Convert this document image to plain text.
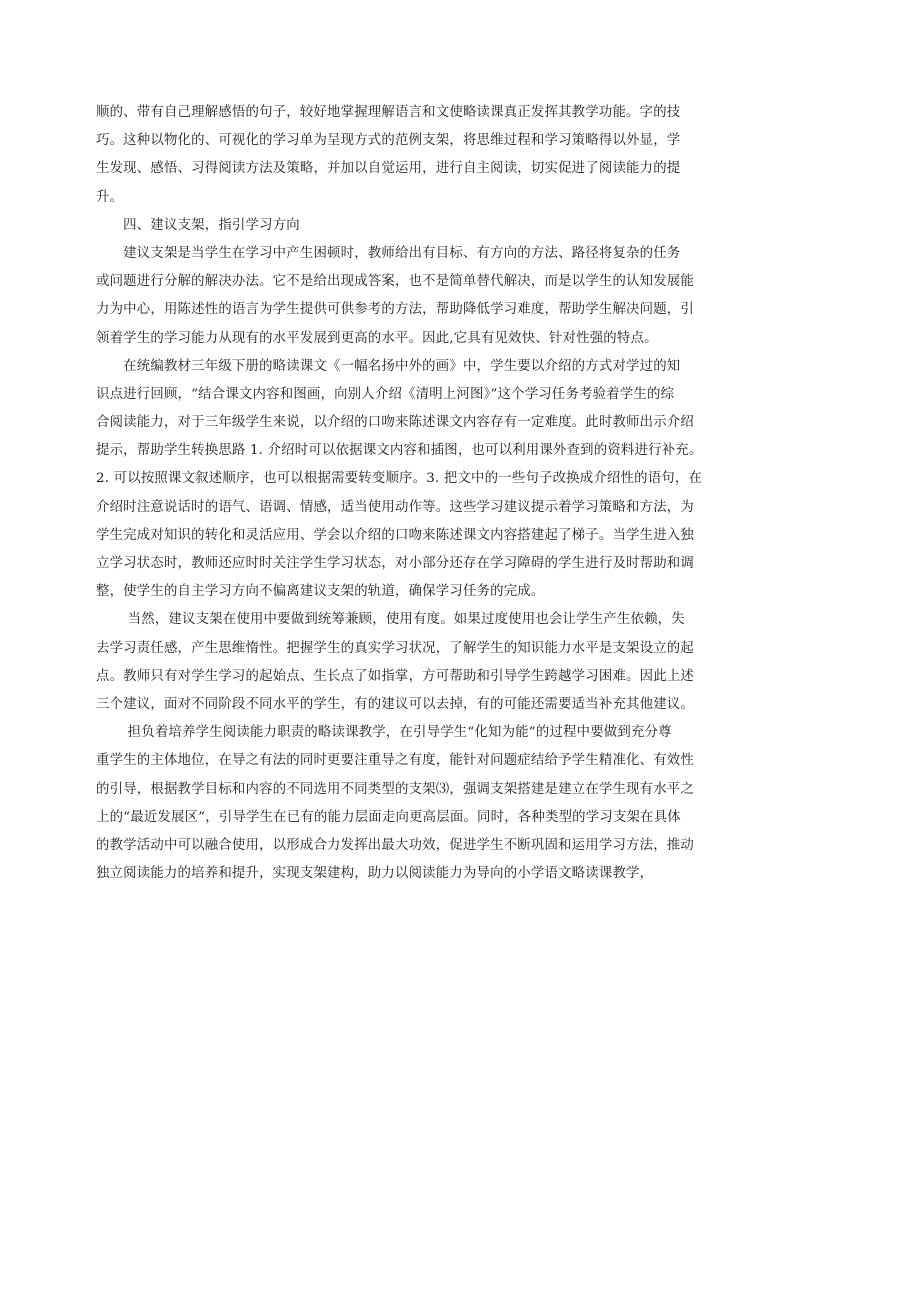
顺的、带有自己理解感悟的句子，较好地掌握理解语言和文使略读课真正发挥其教学功能。字的技
巧。这种以物化的、可视化的学习单为呈现方式的范例支架，将思维过程和学习策略得以外显，学
生发现、感悟、习得阅读方法及策略，并加以自觉运用，进行自主阅读，切实促进了阅读能力的提
升。
　　四、建议支架，指引学习方向
　　建议支架是当学生在学习中产生困顿时，教师给出有目标、有方向的方法、路径将复杂的任务
或问题进行分解的解决办法。它不是给出现成答案，也不是简单替代解决，而是以学生的认知发展能
力为中心，用陈述性的语言为学生提供可供参考的方法，帮助降低学习难度，帮助学生解决问题，引
领着学生的学习能力从现有的水平发展到更高的水平。因此,它具有见效快、针对性强的特点。
　　在统编教材三年级下册的略读课文《一幅名扬中外的画》中，学生要以介绍的方式对学过的知
识点进行回顾，“结合课文内容和图画，向别人介绍《清明上河图》”这个学习任务考验着学生的综
合阅读能力，对于三年级学生来说，以介绍的口吻来陈述课文内容存有一定难度。此时教师出示介绍
提示，帮助学生转换思路 1. 介绍时可以依据课文内容和插图，也可以利用课外查到的资料进行补充。
2. 可以按照课文叙述顺序，也可以根据需要转变顺序。3. 把文中的一些句子改换成介绍性的语句，在
介绍时注意说话时的语气、语调、情感，适当使用动作等。这些学习建议提示着学习策略和方法，为
学生完成对知识的转化和灵活应用、学会以介绍的口吻来陈述课文内容搭建起了梯子。当学生进入独
立学习状态时，教师还应时时关注学生学习状态，对小部分还存在学习障碍的学生进行及时帮助和调
整，使学生的自主学习方向不偏离建议支架的轨道，确保学习任务的完成。
　　 当然，建议支架在使用中要做到统筹兼顾，使用有度。如果过度使用也会让学生产生依赖，失
去学习责任感，产生思维惰性。把握学生的真实学习状况，了解学生的知识能力水平是支架设立的起
点。教师只有对学生学习的起始点、生长点了如指掌，方可帮助和引导学生跨越学习困难。因此上述
三个建议，面对不同阶段不同水平的学生，有的建议可以去掉，有的可能还需要适当补充其他建议。
　　 担负着培养学生阅读能力职责的略读课教学，在引导学生“化知为能”的过程中要做到充分尊
重学生的主体地位，在导之有法的同时更要注重导之有度，能针对问题症结给予学生精准化、有效性
的引导，根据教学目标和内容的不同选用不同类型的支架⑶，强调支架搭建是建立在学生现有水平之
上的“最近发展区”，引导学生在已有的能力层面走向更高层面。同时，各种类型的学习支架在具体
的教学活动中可以融合使用，以形成合力发挥出最大功效，促进学生不断巩固和运用学习方法，推动
独立阅读能力的培养和提升，实现支架建构，助力以阅读能力为导向的小学语文略读课教学，
